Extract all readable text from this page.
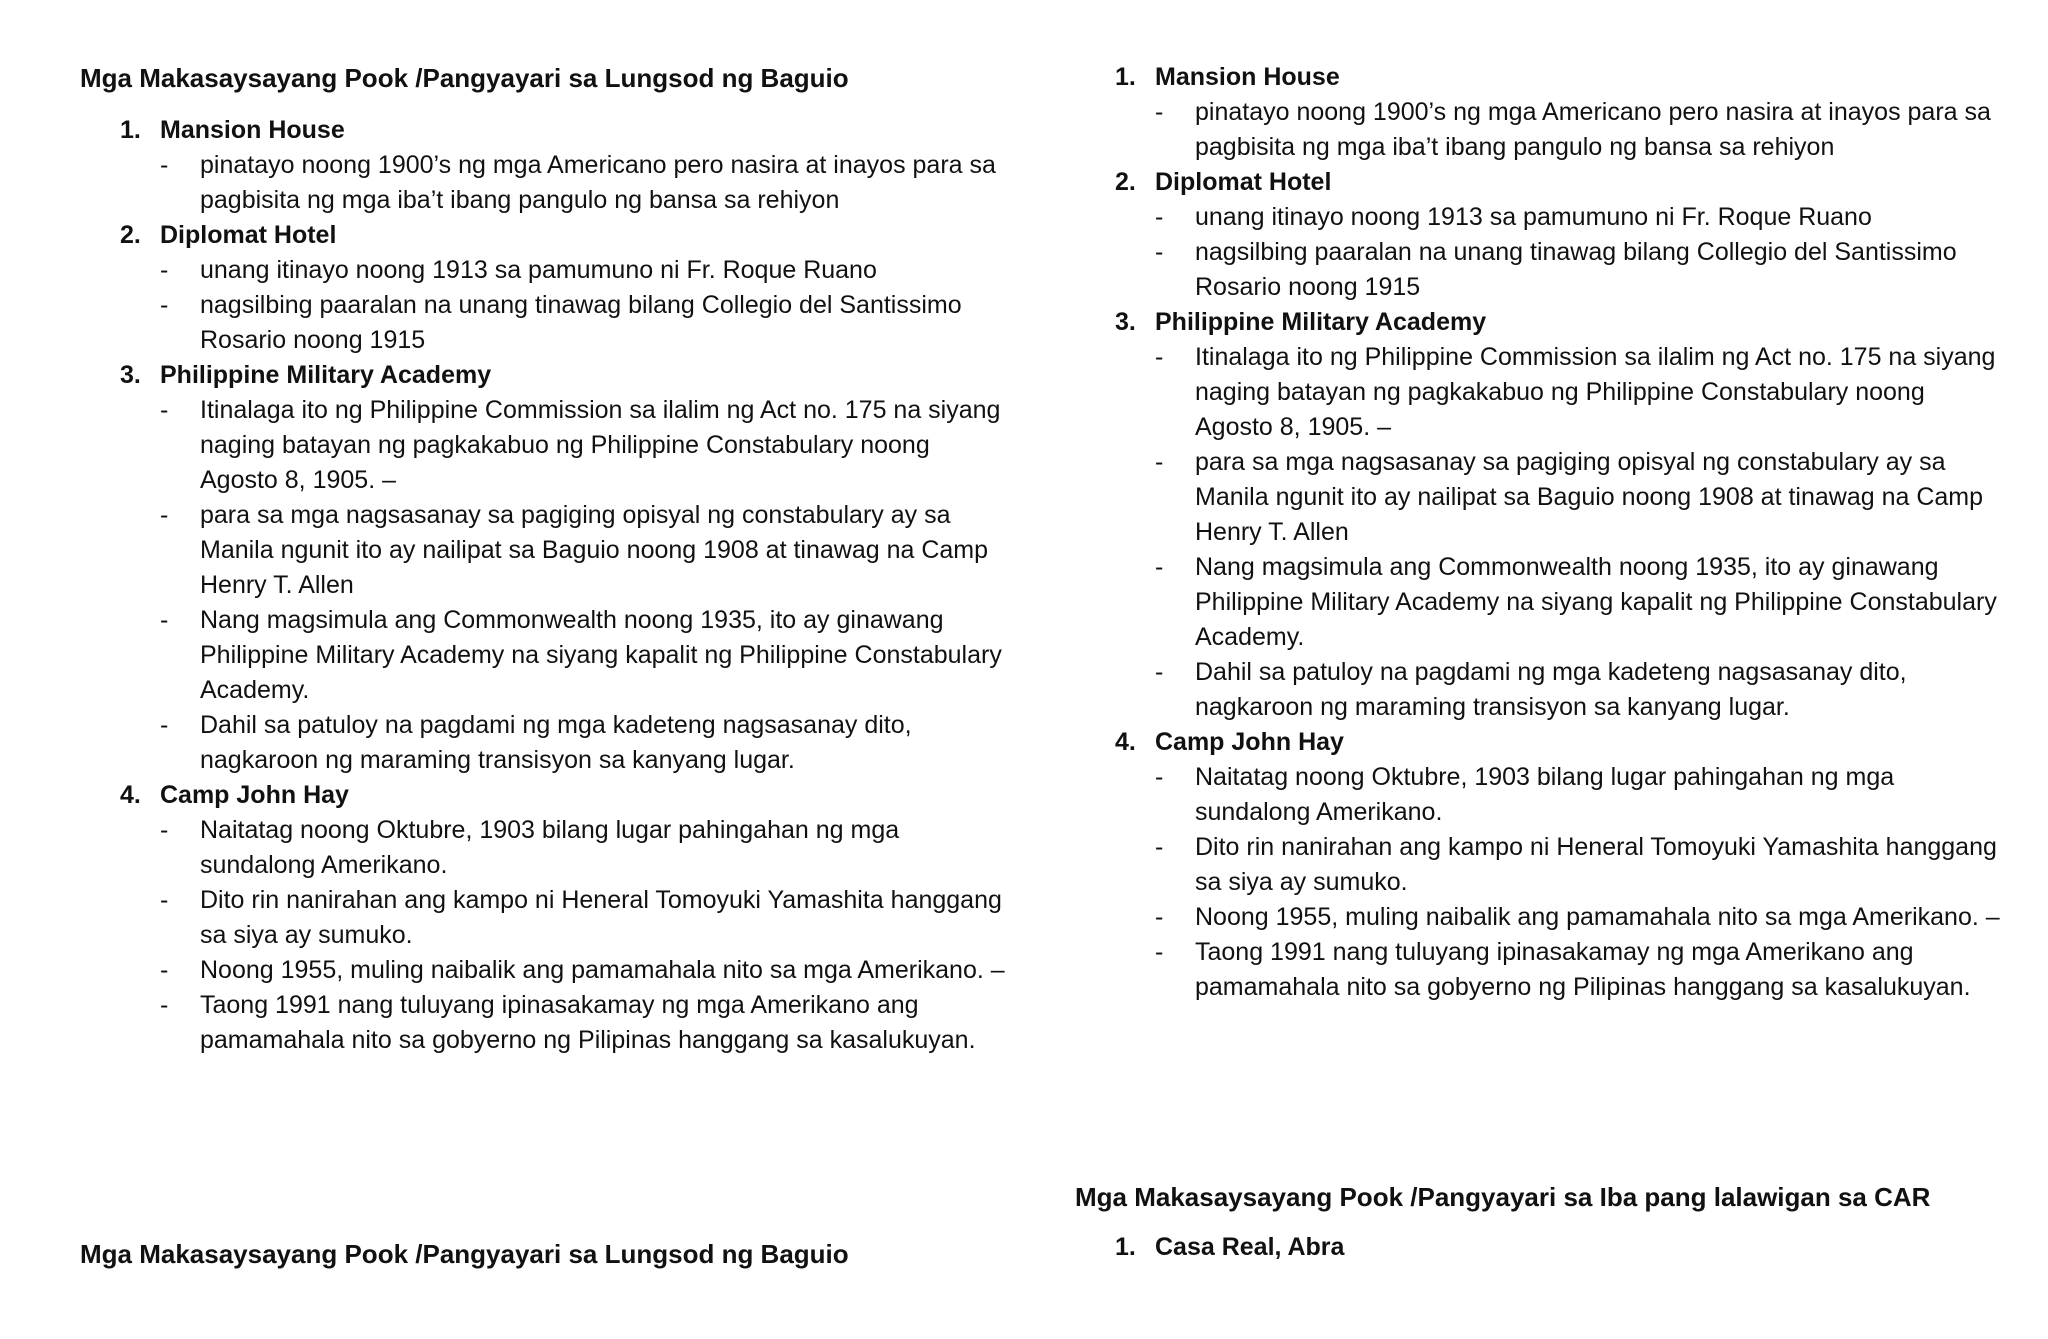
Mga Makasaysayang Pook /Pangyayari sa Lungsod ng Baguio
1. Mansion House
- pinatayo noong 1900’s ng mga Americano pero nasira at inayos para sa pagbisita ng mga iba’t ibang pangulo ng bansa sa rehiyon
2. Diplomat Hotel
- unang itinayo noong 1913 sa pamumuno ni Fr. Roque Ruano
- nagsilbing paaralan na unang tinawag bilang Collegio del Santissimo Rosario noong 1915
3. Philippine Military Academy
- Itinalaga ito ng Philippine Commission sa ilalim ng Act no. 175 na siyang naging batayan ng pagkakabuo ng Philippine Constabulary noong Agosto 8, 1905. –
- para sa mga nagsasanay sa pagiging opisyal ng constabulary ay sa Manila ngunit ito ay nailipat sa Baguio noong 1908 at tinawag na Camp Henry T. Allen
- Nang magsimula ang Commonwealth noong 1935, ito ay ginawang Philippine Military Academy na siyang kapalit ng Philippine Constabulary Academy.
- Dahil sa patuloy na pagdami ng mga kadeteng nagsasanay dito, nagkaroon ng maraming transisyon sa kanyang lugar.
4. Camp John Hay
- Naitatag noong Oktubre, 1903 bilang lugar pahingahan ng mga sundalong Amerikano.
- Dito rin nanirahan ang kampo ni Heneral Tomoyuki Yamashita hanggang sa siya ay sumuko.
- Noong 1955, muling naibalik ang pamamahala nito sa mga Amerikano. –
- Taong 1991 nang tuluyang ipinasakamay ng mga Amerikano ang pamamahala nito sa gobyerno ng Pilipinas hanggang sa kasalukuyan.
Mga Makasaysayang Pook /Pangyayari sa Lungsod ng Baguio
1. Mansion House
- pinatayo noong 1900’s ng mga Americano pero nasira at inayos para sa pagbisita ng mga iba’t ibang pangulo ng bansa sa rehiyon
2. Diplomat Hotel
- unang itinayo noong 1913 sa pamumuno ni Fr. Roque Ruano
- nagsilbing paaralan na unang tinawag bilang Collegio del Santissimo Rosario noong 1915
3. Philippine Military Academy
- Itinalaga ito ng Philippine Commission sa ilalim ng Act no. 175 na siyang naging batayan ng pagkakabuo ng Philippine Constabulary noong Agosto 8, 1905. –
- para sa mga nagsasanay sa pagiging opisyal ng constabulary ay sa Manila ngunit ito ay nailipat sa Baguio noong 1908 at tinawag na Camp Henry T. Allen
- Nang magsimula ang Commonwealth noong 1935, ito ay ginawang Philippine Military Academy na siyang kapalit ng Philippine Constabulary Academy.
- Dahil sa patuloy na pagdami ng mga kadeteng nagsasanay dito, nagkaroon ng maraming transisyon sa kanyang lugar.
4. Camp John Hay
- Naitatag noong Oktubre, 1903 bilang lugar pahingahan ng mga sundalong Amerikano.
- Dito rin nanirahan ang kampo ni Heneral Tomoyuki Yamashita hanggang sa siya ay sumuko.
- Noong 1955, muling naibalik ang pamamahala nito sa mga Amerikano. –
- Taong 1991 nang tuluyang ipinasakamay ng mga Amerikano ang pamamahala nito sa gobyerno ng Pilipinas hanggang sa kasalukuyan.
Mga Makasaysayang Pook /Pangyayari sa Iba pang lalawigan sa CAR
1. Casa Real, Abra
